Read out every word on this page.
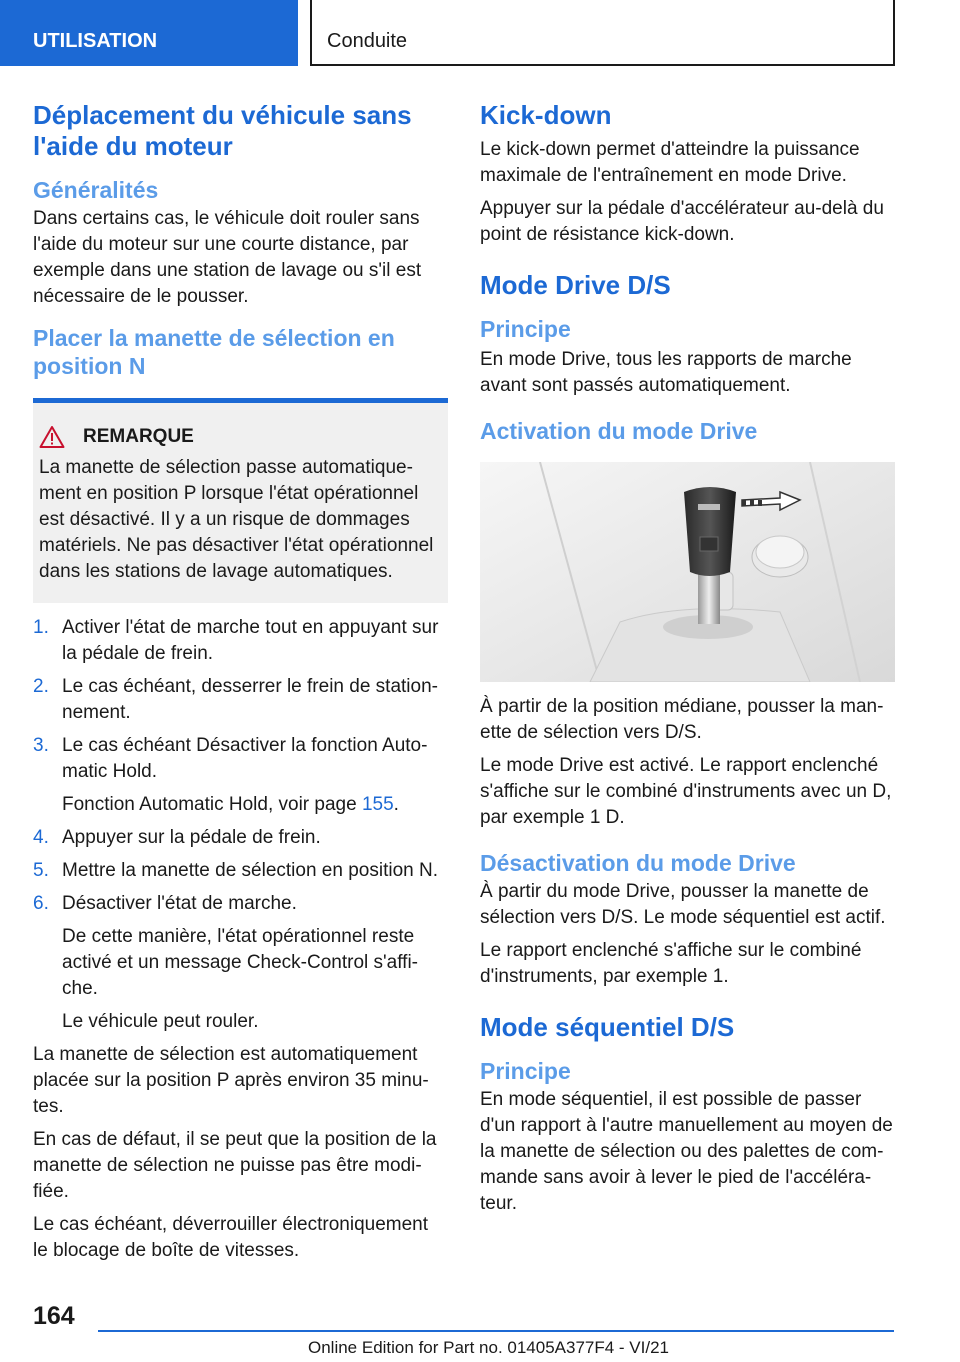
UTILISATION	Conduite
Déplacement du véhicule sans l'aide du moteur
Généralités

Dans certains cas, le véhicule doit rouler sans l'aide du moteur sur une courte distance, par exemple dans une station de lavage ou s'il est nécessaire de le pousser.

Placer la manette de sélection en position N
REMARQUE

La manette de sélection passe automatique-ment en position P lorsque l'état opérationnel est désactivé. Il y a un risque de dommages matériels. Ne pas désactiver l'état opérationnel dans les stations de lavage automatiques.

1. Activer l'état de marche tout en appuyant sur la pédale de frein.
2. Le cas échéant, desserrer le frein de station-nement.
3. Le cas échéant Désactiver la fonction Auto-matic Hold.
Fonction Automatic Hold, voir page 155.
4. Appuyer sur la pédale de frein.
5. Mettre la manette de sélection en position N.
6. Désactiver l'état de marche.
De cette manière, l'état opérationnel reste activé et un message Check-Control s'affi-che.
Le véhicule peut rouler.

La manette de sélection est automatiquement placée sur la position P après environ 35 minu-tes.

En cas de défaut, il se peut que la position de la manette de sélection ne puisse pas être modi-fiée.

Le cas échéant, déverrouiller électroniquement le blocage de boîte de vitesses.

Kick-down

Le kick-down permet d'atteindre la puissance maximale de l'entraînement en mode Drive.

Appuyer sur la pédale d'accélérateur au-delà du point de résistance kick-down.

Mode Drive D/S
Principe

En mode Drive, tous les rapports de marche avant sont passés automatiquement.

Activation du mode Drive

À partir de la position médiane, pousser la man-ette de sélection vers D/S.

Le mode Drive est activé. Le rapport enclenché s'affiche sur le combiné d'instruments avec un D, par exemple 1 D.

Désactivation du mode Drive

À partir du mode Drive, pousser la manette de sélection vers D/S. Le mode séquentiel est actif.

Le rapport enclenché s'affiche sur le combiné d'instruments, par exemple 1.

Mode séquentiel D/S
Principe

En mode séquentiel, il est possible de passer d'un rapport à l'autre manuellement au moyen de la manette de sélection ou des palettes de com-mande sans avoir à lever le pied de l'accéléra-teur.

164
Online Edition for Part no. 01405A377F4 - VI/21
